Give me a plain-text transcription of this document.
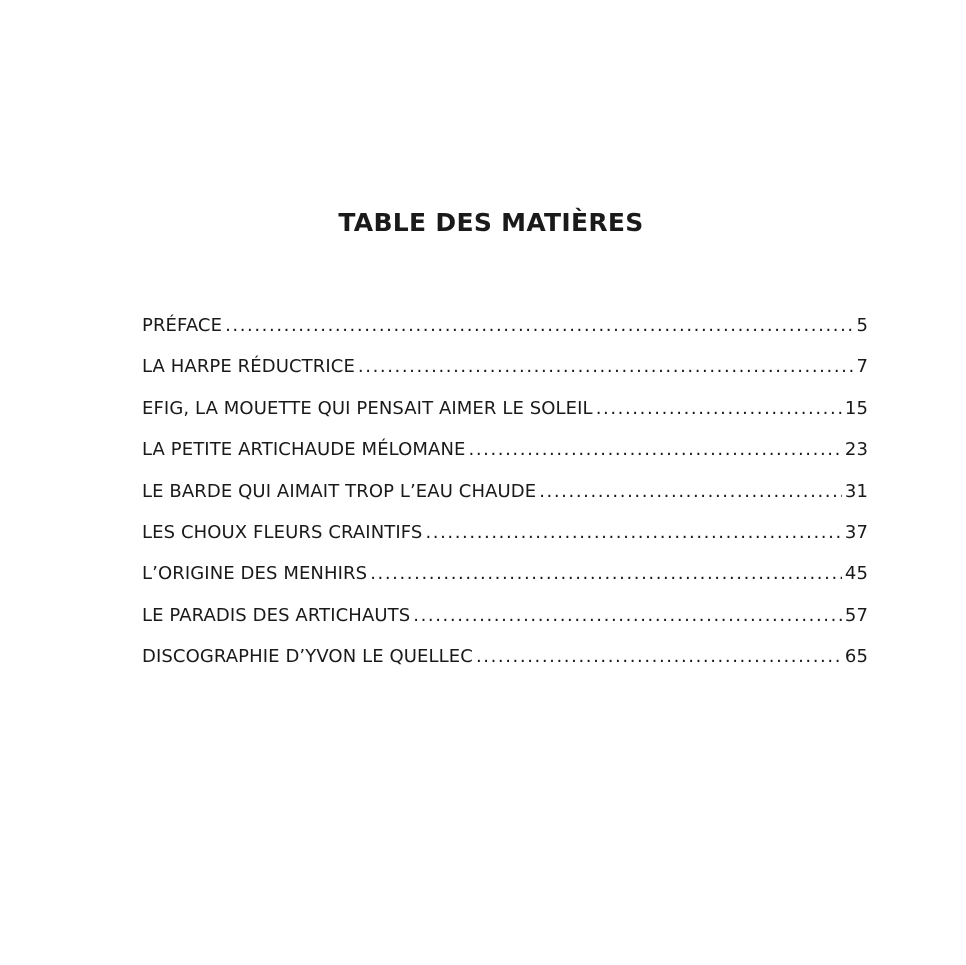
TABLE DES MATIÈRES
PRÉFACE .....	5
LA HARPE RÉDUCTRICE .....	7
EFIG, LA MOUETTE QUI PENSAIT AIMER LE SOLEIL .....	15
LA PETITE ARTICHAUDE MÉLOMANE .....	23
LE BARDE QUI AIMAIT TROP L’EAU CHAUDE .....	31
LES CHOUX FLEURS CRAINTIFS .....	37
L’ORIGINE DES MENHIRS .....	45
LE PARADIS DES ARTICHAUTS .....	57
DISCOGRAPHIE D’YVON LE QUELLEC .....	65
